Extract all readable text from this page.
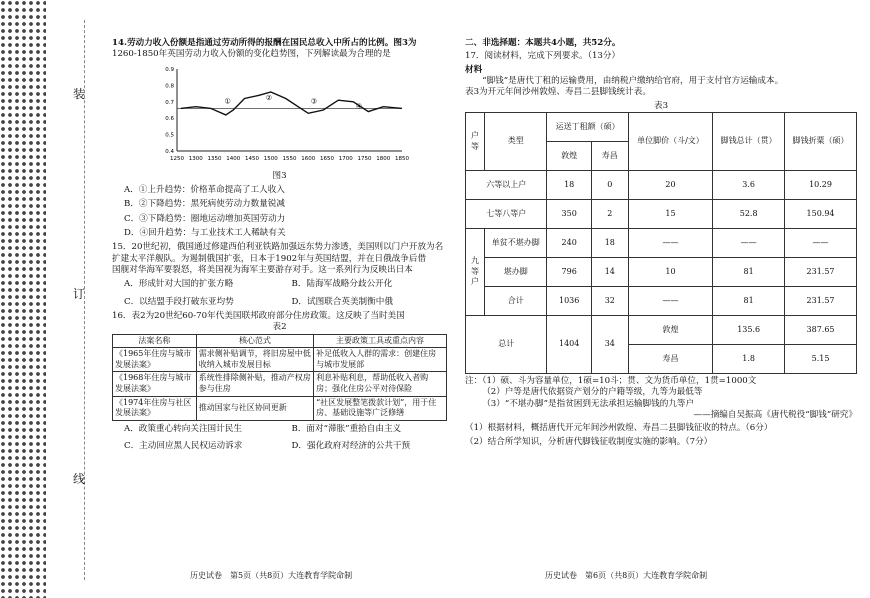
装
订
线

14.劳动力收入份额是指通过劳动所得的报酬在国民总收入中所占的比例。图3为

1260-1850年英国劳动力收入份额的变化趋势图，下列解读最为合理的是

1250 1300 1350 1400 1450 1500 1550 1600 1650 1700 1750 1800 1850
0.9
0.8
0.7
0.6
0.5
0.4
①	②	③
④

图3

A．①上升趋势：价格革命提高了工人收入

B．②下降趋势：黑死病使劳动力数量锐减

C．③下降趋势：圈地运动增加英国劳动力

D．④回升趋势：与工业技术工人稀缺有关

15．20世纪初，俄国通过修建西伯利亚铁路加强远东势力渗透，美国则以门户开放为名

扩建太平洋舰队。为遏制俄国扩张，日本于1902年与英国结盟，并在日俄战争后借

国舰对华海军要裂怒，将美国视为海军主要游存对手。这一系列行为反映出日本

A．形成针对大国的扩张方略	B．陆海军战略分歧公开化
C．以结盟手段打破东亚均势	D．试图联合英美制衡中俄

16．表2为20世纪60-70年代美国联邦政府部分住房政策。这反映了当时美国

表2

法案名称	核心范式	主要政策工具或重点内容
《1965年住房与城市发展法案》	需求侧补贴调节，将旧房屋中低收纳入城市发展目标	补足低收入人群的需求：创建住房与城市发展部
《1968年住房与城市发展法案》	系统性排除侧补贴，推动产权房参与住房	利息补贴利息，帮助低收入者购房；强化住房公平对待保险
《1974年住房与社区发展法案》	推动国家与社区协同更新	“社区发展整笔拨款计划”，用于住房、基础设施等广泛修缮
A．政策重心转向关注国计民生	B．面对“滞胀”重拾自由主义
C．主动回应黑人民权运动诉求	D．强化政府对经济的公共干预
历史试卷　第5页（共8页）大连教育学院命制

二、非选择题：本题共4小题，共52分。

17．阅读材料，完成下列要求。（13分）

材料

“脚钱”是唐代丁租的运输费用，由纳税户缴纳给官府，用于支付官方运输成本。

表3为开元年间沙州敦煌、寿昌二县脚钱统计表。

表3

户等	类型	运送丁租额（硕）		单位脚价（斗/文）	脚钱总计（贯）	脚钱折粟（硕）
		敦煌	寿昌			
六等以上户		18	0	20	3.6	10.29
七等八等户		350	2	15	52.8	150.94
九等户	单贫不堪办脚	240	18	——	——	——
	堪办脚	796	14	10	81	231.57
	合计	1036	32	——	81	231.57
总计		1404	34	敦煌	135.6	387.65
				寿昌	1.8	5.15

注：（1）硕、斗为容量单位，1硕=10斗；贯、文为货币单位，1贯=1000文

（2）户等是唐代依据资产划分的户籍等级，九等为最低等

（3）“不堪办脚”是指贫困到无法承担运输脚钱的九等户

——摘编自吴振高《唐代税役“脚钱”研究》

（1）根据材料，概括唐代开元年间沙州敦煌、寿昌二县脚钱征收的特点。（6分）

（2）结合所学知识，分析唐代脚钱征收制度实施的影响。（7分）

历史试卷　第6页（共8页）大连教育学院命制
